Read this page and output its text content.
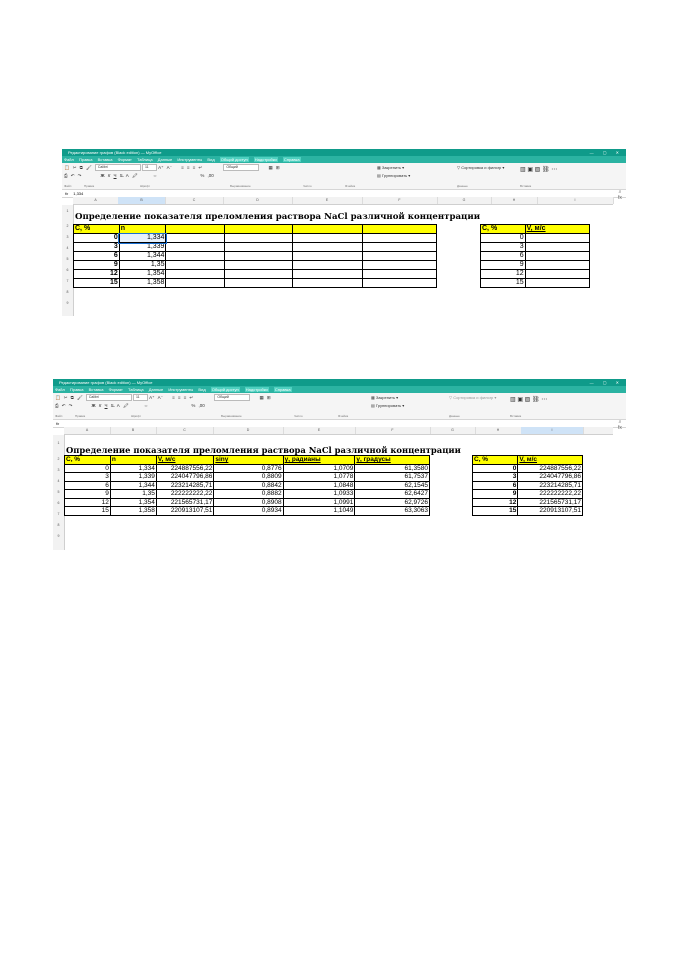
Редактирование графов (Black edition) — MyOffice	— ▢ ✕
Файл Правка Вставка Формат Таблица Данные Инструменты Вид Общий доступ Надстройки Справка
📋 ✂ ⧉ 🖌 Calibri	11 A⁺ A⁻ ≡ ≡ ≡ ↵	Общий	▦ ⊞
⎙ ↶ ↷	Ж К Ч S̶ A 🖍	⇔	% ,00
▦ Закрепить ▾
▤ Группировать ▾
▽ Сортировка и фильтр ▾	▥ ▣ ▨ ⛓ ⋯
Файл	Правка	Шрифт	Выравнивание	Число	Ячейка	Данные	Вставка
fx 1,334
A	B	C	D	E	F	G	H	I
1
2
3
4
5
6
7
8
9
⌕
fx
Определение показателя преломления раствора NaCl различной концентрации
С, %	n				
0	1,334				
3	1,339				
6	1,344				
9	1,35				
12	1,354				
15	1,358				
С, %	V, м/с
0	
3	
6	
9	
12	
15	
Редактирование графов (Black edition) — MyOffice	— ▢ ✕
Файл Правка Вставка Формат Таблица Данные Инструменты Вид Общий доступ Надстройки Справка
📋 ✂ ⧉ 🖌 Calibri	11 A⁺ A⁻ ≡ ≡ ≡ ↵	Общий	▦ ⊞
⎙ ↶ ↷	Ж К Ч S̶ A 🖍	⇔	% ,00
▦ Закрепить ▾
▤ Группировать ▾
▽ Сортировка и фильтр ▾ ▥ ▣ ▨ ⛓ ⋯
Файл	Правка	Шрифт	Выравнивание	Число	Ячейка	Данные	Вставка
fx
A	B	C	D	E	F	G	H	I
1
2
3
4
5
6
7
8
9
⌕
fx
Определение показателя преломления раствора NaCl различной концентрации
С, %	n	V, м/с	sinγ	γ, радианы	γ, градусы
0	1,334	224887556,22	0,8776	1,0709	61,3580
3	1,339	224047796,86	0,8809	1,0778	61,7537
6	1,344	223214285,71	0,8842	1,0848	62,1545
9	1,35	222222222,22	0,8882	1,0933	62,6427
12	1,354	221565731,17	0,8908	1,0991	62,9726
15	1,358	220913107,51	0,8934	1,1049	63,3063
С, %	V, м/с
0	224887556,22
3	224047796,86
6	223214285,71
9	222222222,22
12	221565731,17
15	220913107,51
